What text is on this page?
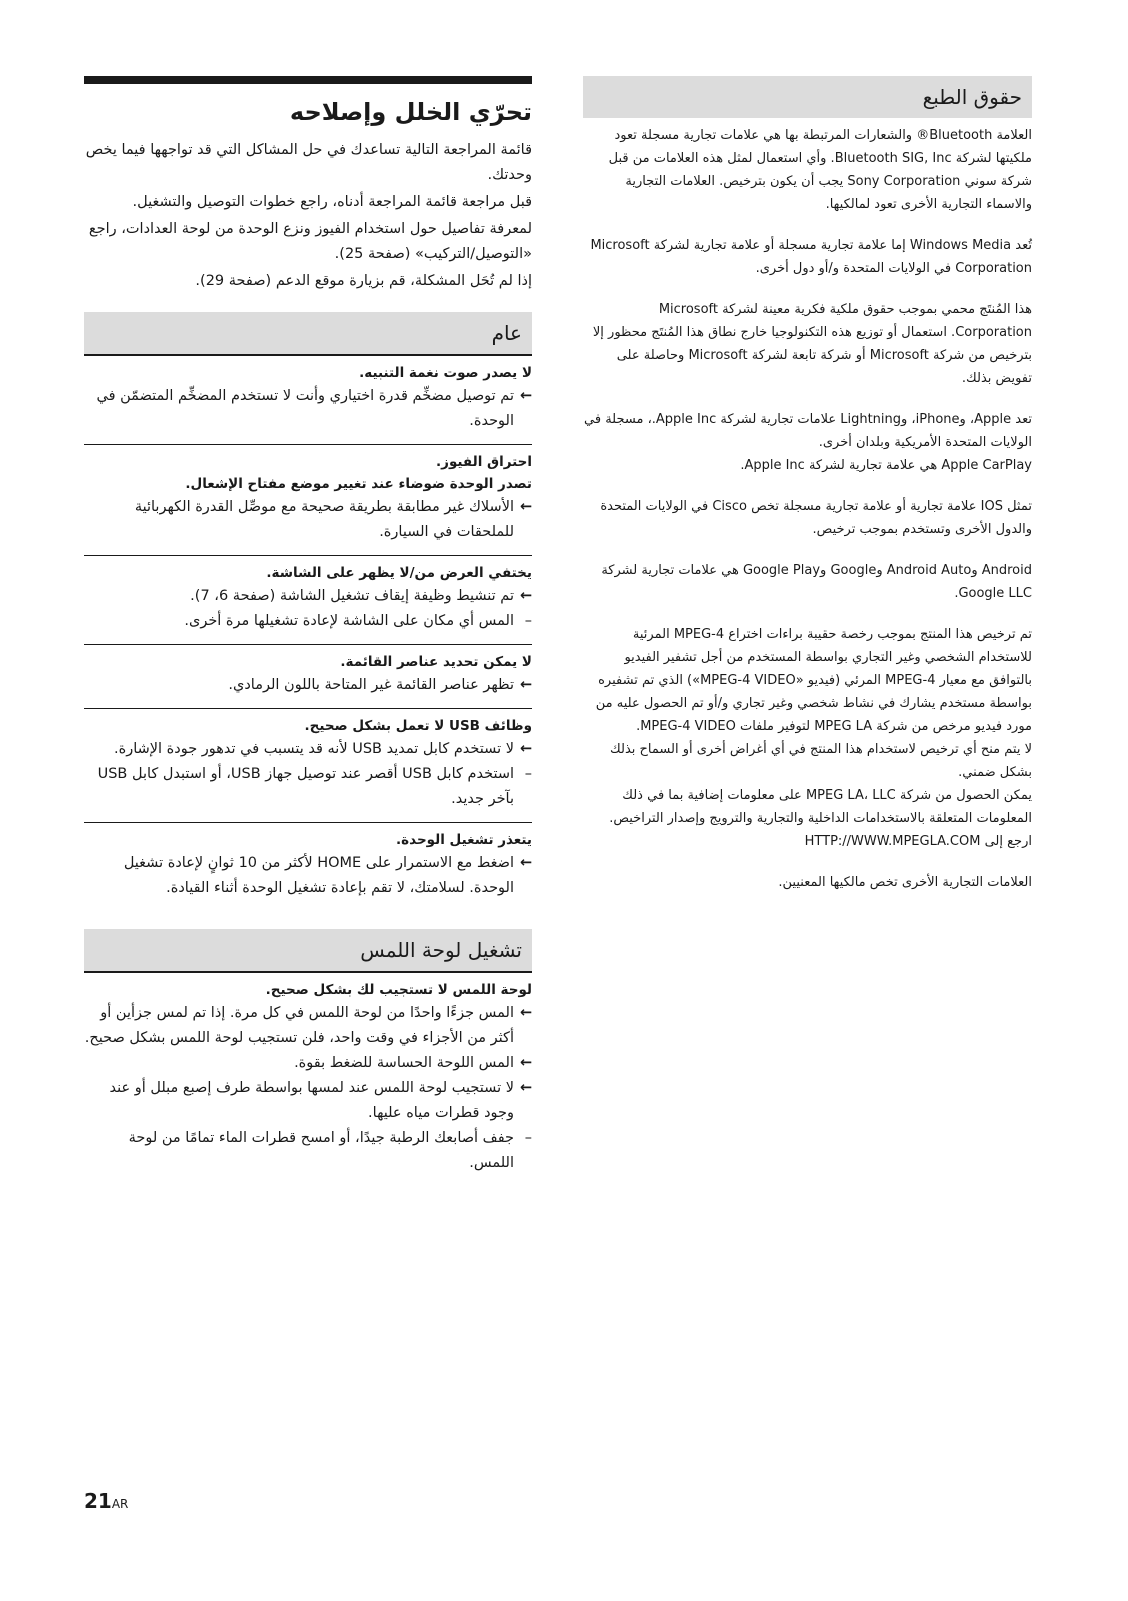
حقوق الطبع

العلامة Bluetooth® والشعارات المرتبطة بها هي علامات تجارية مسجلة تعود ملكيتها لشركة Bluetooth SIG, Inc. وأي استعمال لمثل هذه العلامات من قبل شركة سوني Sony Corporation يجب أن يكون بترخيص. العلامات التجارية والاسماء التجارية الأخرى تعود لمالكيها.

تُعد Windows Media إما علامة تجارية مسجلة أو علامة تجارية لشركة Microsoft Corporation في الولايات المتحدة و/أو دول أخرى.

هذا المُنتَج محمي بموجب حقوق ملكية فكرية معينة لشركة Microsoft Corporation. استعمال أو توزيع هذه التكنولوجيا خارج نطاق هذا المُنتَج محظور إلا بترخيص من شركة Microsoft أو شركة تابعة لشركة Microsoft وحاصلة على تفويض بذلك.

تعد Apple، وiPhone، وLightning علامات تجارية لشركة Apple Inc.، مسجلة في الولايات المتحدة الأمريكية وبلدان أخرى.

Apple CarPlay هي علامة تجارية لشركة Apple Inc.

تمثل IOS علامة تجارية أو علامة تجارية مسجلة تخص Cisco في الولايات المتحدة والدول الأخرى وتستخدم بموجب ترخيص.

Android وAndroid Auto وGoogle وGoogle Play هي علامات تجارية لشركة Google LLC.

تم ترخيص هذا المنتج بموجب رخصة حقيبة براءات اختراع MPEG-4 المرئية للاستخدام الشخصي وغير التجاري بواسطة المستخدم من أجل تشفير الفيديو بالتوافق مع معيار MPEG-4 المرئي (فيديو «MPEG-4 VIDEO») الذي تم تشفيره بواسطة مستخدم يشارك في نشاط شخصي وغير تجاري و/أو تم الحصول عليه من مورد فيديو مرخص من شركة MPEG LA لتوفير ملفات MPEG-4 VIDEO.

لا يتم منح أي ترخيص لاستخدام هذا المنتج في أي أغراض أخرى أو السماح بذلك بشكل ضمني.

يمكن الحصول من شركة MPEG LA، LLC على معلومات إضافية بما في ذلك المعلومات المتعلقة بالاستخدامات الداخلية والتجارية والترويج وإصدار التراخيص. ارجع إلى HTTP://WWW.MPEGLA.COM

العلامات التجارية الأخرى تخص مالكيها المعنيين.

تحرّي الخلل وإصلاحه

قائمة المراجعة التالية تساعدك في حل المشاكل التي قد تواجهها فيما يخص وحدتك.

قبل مراجعة قائمة المراجعة أدناه، راجع خطوات التوصيل والتشغيل.

لمعرفة تفاصيل حول استخدام الفيوز ونزع الوحدة من لوحة العدادات، راجع «التوصيل/التركيب» (صفحة 25).

إذا لم تُحَل المشكلة، قم بزيارة موقع الدعم (صفحة 29).

عام

لا يصدر صوت نغمة التنبيه.

← تم توصيل مضخِّم قدرة اختياري وأنت لا تستخدم المضخِّم المتضمّن في الوحدة.

احتراق الفيوز.

تصدر الوحدة ضوضاء عند تغيير موضع مفتاح الإشعال.

← الأسلاك غير مطابقة بطريقة صحيحة مع موصِّل القدرة الكهربائية للملحقات في السيارة.

يختفي العرض من/لا يظهر على الشاشة.

← تم تنشيط وظيفة إيقاف تشغيل الشاشة (صفحة 6، 7).

– المس أي مكان على الشاشة لإعادة تشغيلها مرة أخرى.

لا يمكن تحديد عناصر القائمة.

← تظهر عناصر القائمة غير المتاحة باللون الرمادي.

وظائف USB لا تعمل بشكل صحيح.

← لا تستخدم كابل تمديد USB لأنه قد يتسبب في تدهور جودة الإشارة.

– استخدم كابل USB أقصر عند توصيل جهاز USB، أو استبدل كابل USB بآخر جديد.

يتعذر تشغيل الوحدة.

← اضغط مع الاستمرار على HOME لأكثر من 10 ثوانٍ لإعادة تشغيل الوحدة. لسلامتك، لا تقم بإعادة تشغيل الوحدة أثناء القيادة.

تشغيل لوحة اللمس

لوحة اللمس لا تستجيب لك بشكل صحيح.

← المس جزءًا واحدًا من لوحة اللمس في كل مرة. إذا تم لمس جزأين أو أكثر من الأجزاء في وقت واحد، فلن تستجيب لوحة اللمس بشكل صحيح.

← المس اللوحة الحساسة للضغط بقوة.

← لا تستجيب لوحة اللمس عند لمسها بواسطة طرف إصبع مبلل أو عند وجود قطرات مياه عليها.

– جفف أصابعك الرطبة جيدًا، أو امسح قطرات الماء تمامًا من لوحة اللمس.

21AR
